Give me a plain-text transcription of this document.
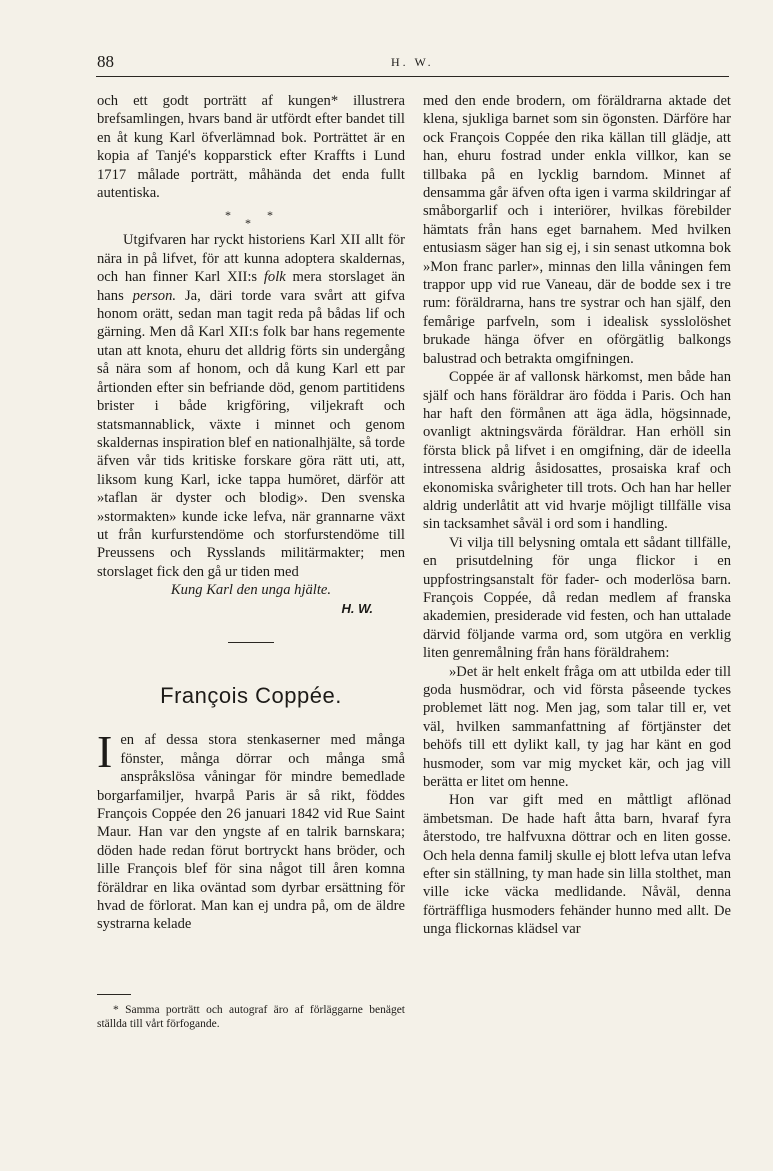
88	H. W.

och ett godt porträtt af kungen* illustrera brefsamlingen, hvars band är utfördt efter bandet till en åt kung Karl öfverlämnad bok. Porträttet är en kopia af Tanjé's kopparstick efter Kraffts i Lund 1717 målade porträtt, måhända det enda fullt autentiska.

*
*
*

Utgifvaren har ryckt historiens Karl XII allt för nära in på lifvet, för att kunna adoptera skaldernas, och han finner Karl XII:s folk mera storslaget än hans person. Ja, däri torde vara svårt att gifva honom orätt, sedan man tagit reda på bådas lif och gärning. Men då Karl XII:s folk bar hans regemente utan att knota, ehuru det alldrig förts sin undergång så nära som af honom, och då kung Karl ett par årtionden efter sin befriande död, genom partitidens brister i både krigföring, viljekraft och statsmannablick, växte i minnet och genom skaldernas inspiration blef en nationalhjälte, så torde äfven vår tids kritiske forskare göra rätt uti, att, liksom kung Karl, icke tappa humöret, därför att »taflan är dyster och blodig». Den svenska »stormakten» kunde icke lefva, när grannarne växt ut från kurfurstendöme och storfurstendöme till Preussens och Rysslands militärmakter; men storslaget fick den gå ur tiden med

Kung Karl den unga hjälte.

H. W.

François Coppée.

Ien af dessa stora stenkaserner med många fönster, många dörrar och många små anspråkslösa våningar för mindre bemedlade borgarfamiljer, hvarpå Paris är så rikt, föddes François Coppée den 26 januari 1842 vid Rue Saint Maur. Han var den yngste af en talrik barnskara; döden hade redan förut bortryckt hans bröder, och lille François blef för sina något till åren komna föräldrar en lika oväntad som dyrbar ersättning för hvad de förlorat. Man kan ej undra på, om de äldre systrarna kelade

* Samma porträtt och autograf äro af förläggarne benäget ställda till vårt förfogande.

med den ende brodern, om föräldrarna aktade det klena, sjukliga barnet som sin ögonsten. Därföre har ock François Coppée den rika källan till glädje, att han, ehuru fostrad under enkla villkor, kan se tillbaka på en lycklig barndom. Minnet af densamma går äfven ofta igen i varma skildringar af småborgarlif och i interiörer, hvilkas förebilder hämtats från hans eget barnahem. Med hvilken entusiasm säger han sig ej, i sin senast utkomna bok »Mon franc parler», minnas den lilla våningen fem trappor upp vid rue Vaneau, där de bodde sex i tre rum: föräldrarna, hans tre systrar och han själf, den femårige parfveln, som i idealisk sysslolöshet brukade hänga öfver en oförgätlig balkongs balustrad och betrakta omgifningen.

Coppée är af vallonsk härkomst, men både han själf och hans föräldrar äro födda i Paris. Och han har haft den förmånen att äga ädla, högsinnade, ovanligt aktningsvärda föräldrar. Han erhöll sin första blick på lifvet i en omgifning, där de ideella intressena aldrig åsidosattes, prosaiska kraf och ekonomiska svårigheter till trots. Och han har heller aldrig underlåtit att vid hvarje möjligt tillfälle visa sin tacksamhet såväl i ord som i handling.

Vi vilja till belysning omtala ett sådant tillfälle, en prisutdelning för unga flickor i en uppfostringsanstalt för fader- och moderlösa barn. François Coppée, då redan medlem af franska akademien, presiderade vid festen, och han uttalade därvid följande varma ord, som utgöra en verklig liten genremålning från hans föräldrahem:

»Det är helt enkelt fråga om att utbilda eder till goda husmödrar, och vid första påseende tyckes problemet lätt nog. Men jag, som talar till er, vet väl, hvilken sammanfattning af förtjänster det behöfs till ett dylikt kall, ty jag har känt en god husmoder, som var mig mycket kär, och jag vill berätta er litet om henne.

Hon var gift med en måttligt aflönad ämbetsman. De hade haft åtta barn, hvaraf fyra återstodo, tre halfvuxna döttrar och en liten gosse. Och hela denna familj skulle ej blott lefva utan lefva efter sin ställning, ty man hade sin lilla stolthet, man ville icke väcka medlidande. Nåväl, denna förträffliga husmoders fehänder hunno med allt. De unga flickornas klädsel var
